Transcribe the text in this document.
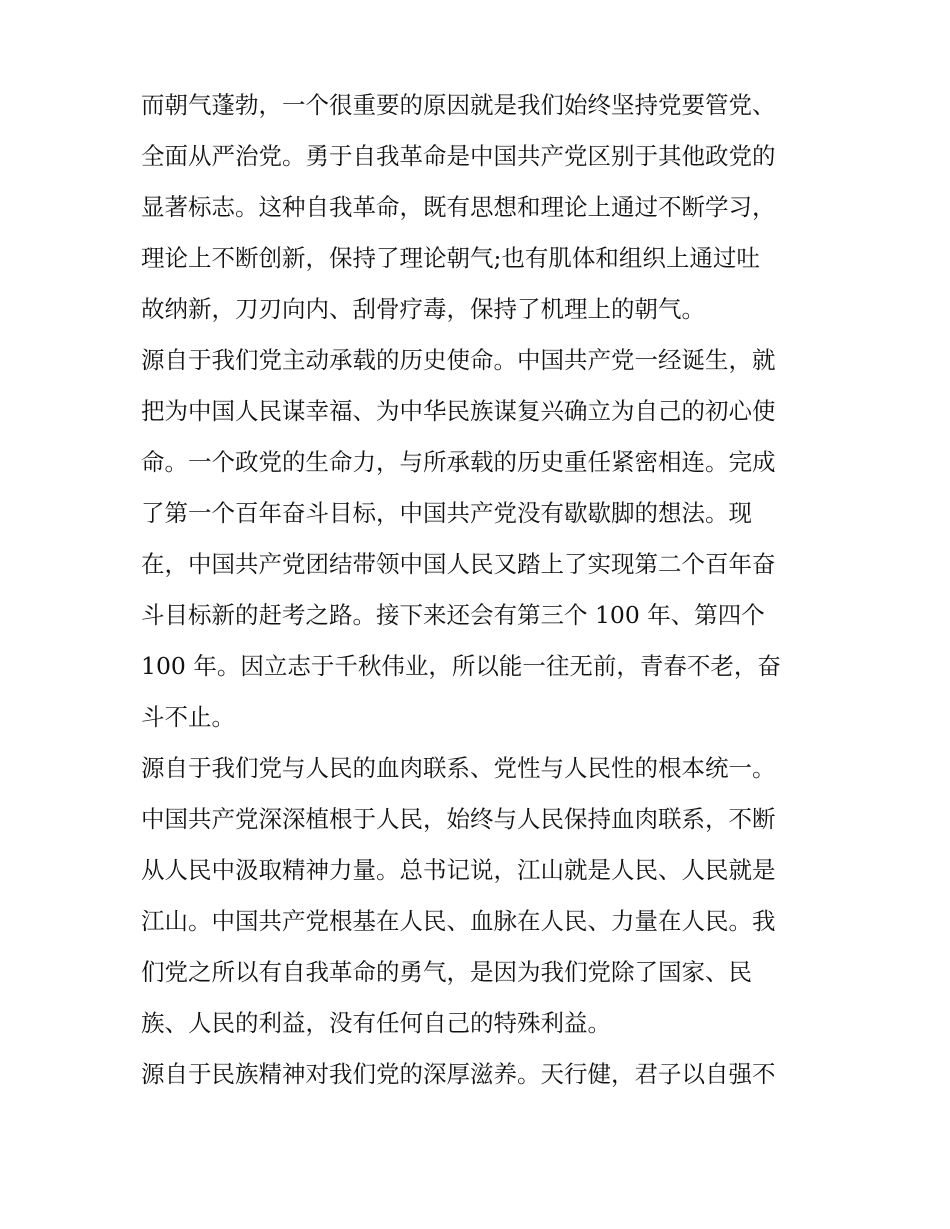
而朝气蓬勃，一个很重要的原因就是我们始终坚持党要管党、
全面从严治党。勇于自我革命是中国共产党区别于其他政党的
显著标志。这种自我革命，既有思想和理论上通过不断学习，
理论上不断创新，保持了理论朝气;也有肌体和组织上通过吐
故纳新，刀刃向内、刮骨疗毒，保持了机理上的朝气。
源自于我们党主动承载的历史使命。中国共产党一经诞生，就
把为中国人民谋幸福、为中华民族谋复兴确立为自己的初心使
命。一个政党的生命力，与所承载的历史重任紧密相连。完成
了第一个百年奋斗目标，中国共产党没有歇歇脚的想法。现
在，中国共产党团结带领中国人民又踏上了实现第二个百年奋
斗目标新的赶考之路。接下来还会有第三个 100 年、第四个
100 年。因立志于千秋伟业，所以能一往无前，青春不老，奋
斗不止。
源自于我们党与人民的血肉联系、党性与人民性的根本统一。
中国共产党深深植根于人民，始终与人民保持血肉联系，不断
从人民中汲取精神力量。总书记说，江山就是人民、人民就是
江山。中国共产党根基在人民、血脉在人民、力量在人民。我
们党之所以有自我革命的勇气，是因为我们党除了国家、民
族、人民的利益，没有任何自己的特殊利益。
源自于民族精神对我们党的深厚滋养。天行健，君子以自强不
